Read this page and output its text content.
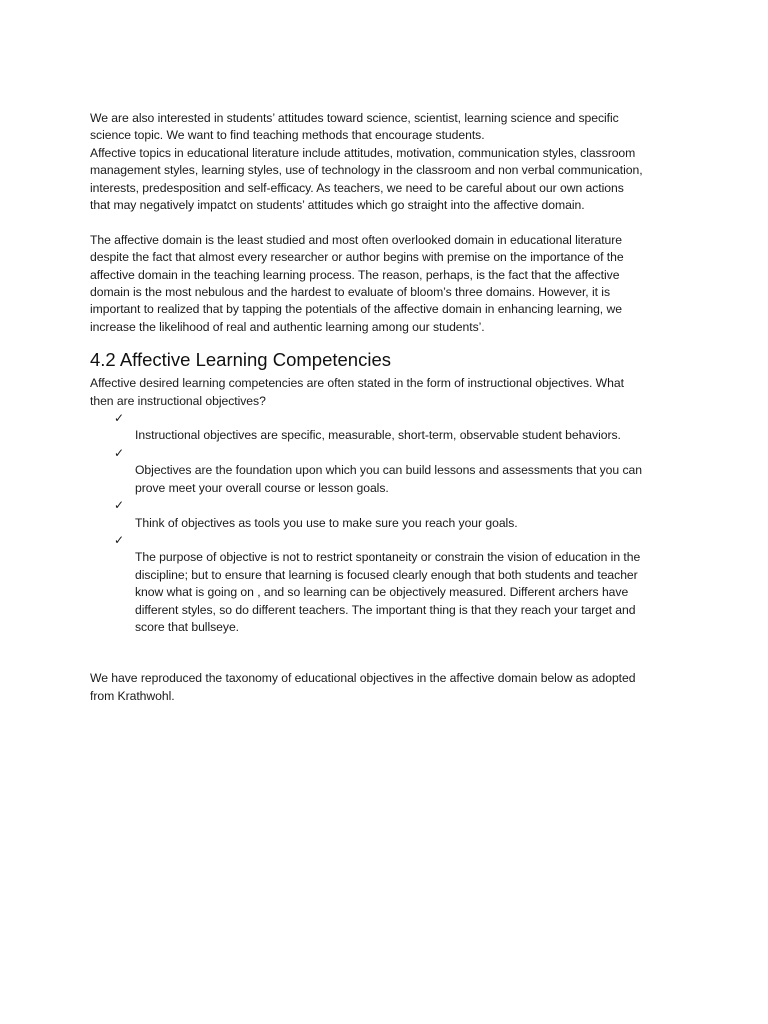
We are also interested in students’ attitudes toward science, scientist, learning science and specific
science topic. We want to find teaching methods that encourage students.

Affective topics in educational literature include attitudes, motivation, communication styles, classroom
management styles, learning styles, use of technology in the classroom and non verbal communication,
interests, predesposition and self-efficacy. As teachers, we need to be careful about our own actions
that may negatively impatct on students’ attitudes which go straight into the affective domain.

The affective domain is the least studied and most often overlooked domain in educational literature
despite the fact that almost every researcher or author begins with premise on the importance of the
affective domain in the teaching learning process. The reason, perhaps, is the fact that the affective
domain is the most nebulous and the hardest to evaluate of bloom’s three domains. However, it is
important to realized that by tapping the potentials of the affective domain in enhancing learning, we
increase the likelihood of real and authentic learning among our students’.

4.2 Affective Learning Competencies

Affective desired learning competencies are often stated in the form of instructional objectives. What
then are instructional objectives?

✓
Instructional objectives are specific, measurable, short-term, observable student behaviors.

✓
Objectives are the foundation upon which you can build lessons and assessments that you can
prove meet your overall course or lesson goals.

✓
Think of objectives as tools you use to make sure you reach your goals.

✓
The purpose of objective is not to restrict spontaneity or constrain the vision of education in the
discipline; but to ensure that learning is focused clearly enough that both students and teacher
know what is going on , and so learning can be objectively measured. Different archers have
different styles, so do different teachers. The important thing is that they reach your target and
score that bullseye.

We have reproduced the taxonomy of educational objectives in the affective domain below as adopted
from Krathwohl.
